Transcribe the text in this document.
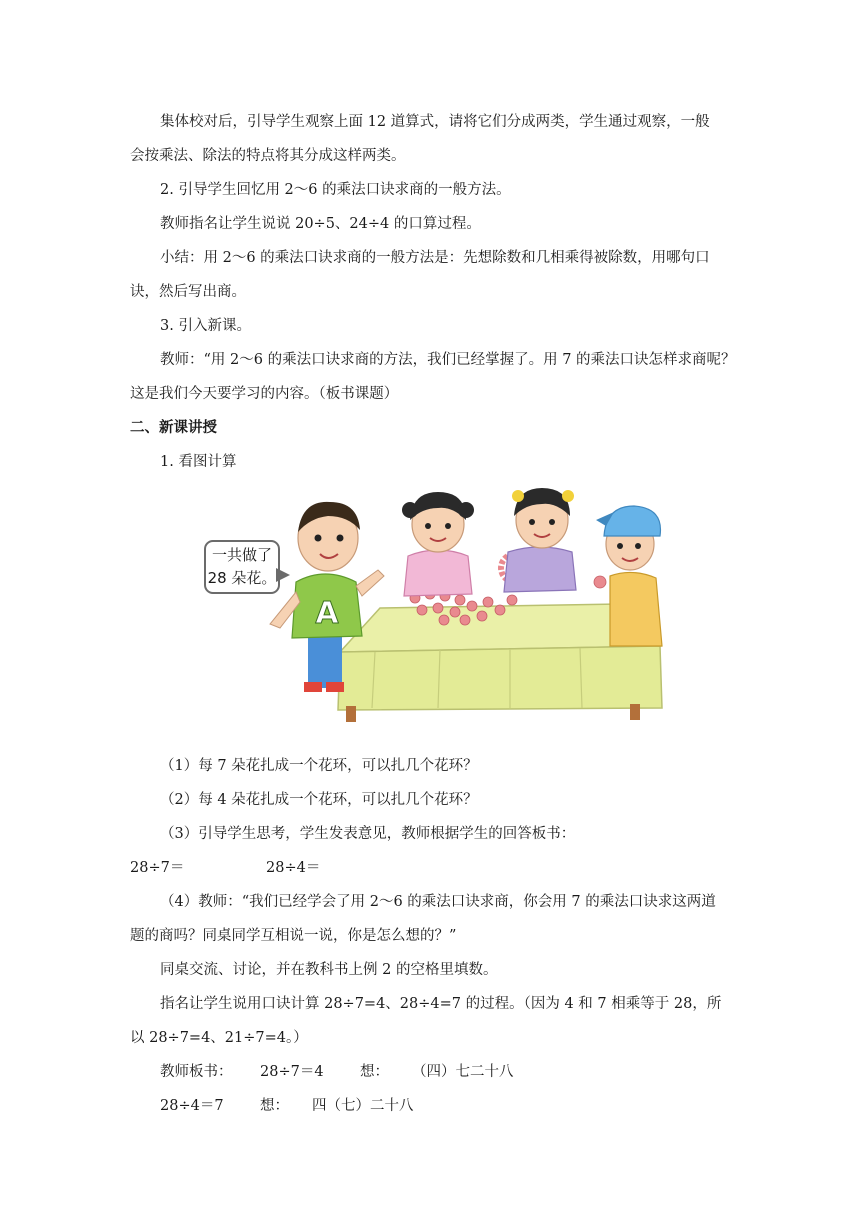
集体校对后，引导学生观察上面 12 道算式，请将它们分成两类，学生通过观察，一般
会按乘法、除法的特点将其分成这样两类。
2. 引导学生回忆用 2～6 的乘法口诀求商的一般方法。
教师指名让学生说说 20÷5、24÷4 的口算过程。
小结：用 2～6 的乘法口诀求商的一般方法是：先想除数和几相乘得被除数，用哪句口
诀，然后写出商。
3. 引入新课。
教师：“用 2～6 的乘法口诀求商的方法，我们已经掌握了。用 7 的乘法口诀怎样求商呢？
这是我们今天要学习的内容。（板书课题）
二、新课讲授
1. 看图计算
A
一共做了
28 朵花。
（1）每 7 朵花扎成一个花环，可以扎几个花环？
（2）每 4 朵花扎成一个花环，可以扎几个花环？
（3）引导学生思考，学生发表意见，教师根据学生的回答板书：
28÷7＝	28÷4＝
（4）教师：“我们已经学会了用 2～6 的乘法口诀求商，你会用 7 的乘法口诀求这两道
题的商吗？同桌同学互相说一说，你是怎么想的？”
同桌交流、讨论，并在教科书上例 2 的空格里填数。
指名让学生说用口诀计算 28÷7=4、28÷4=7 的过程。（因为 4 和 7 相乘等于 28，所
以 28÷7=4、21÷7=4。）
教师板书： 28÷7＝4	想： （四）七二十八
28÷4＝7	想： 四（七）二十八
